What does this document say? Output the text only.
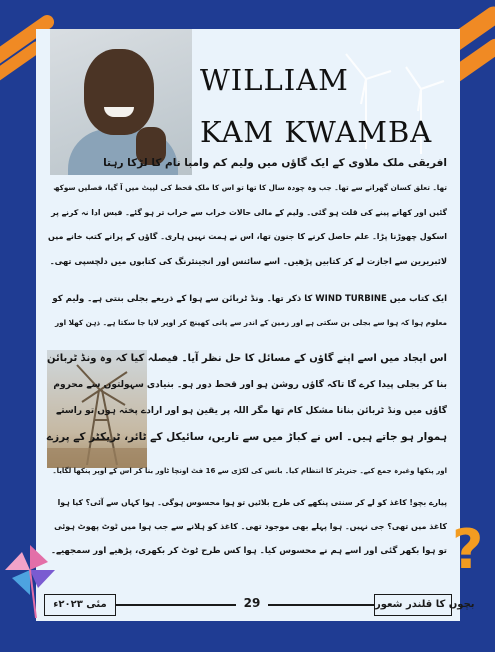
WILLIAM
KAM KWAMBA

افریقی ملک ملاوی کے ایک گاؤں میں ولیم کم وامبا نام کا لڑکا رہتا

تھا۔ تعلق کسان گھرانے سے تھا۔ جب وہ چودہ سال کا تھا تو اس کا ملک قحط کی لپیٹ میں آ گیا، فصلیں سوکھ

گئیں اور کھانے پینے کی قلت ہو گئی۔ ولیم کے مالی حالات خراب سے خراب تر ہو گئے۔ فیس ادا نہ کرنے پر

اسکول چھوڑنا پڑا۔ علم حاصل کرنے کا جنون تھا، اس نے ہمت نہیں ہاری۔ گاؤں کے پرانے کتب خانے میں

لائبریرین سے اجازت لے کر کتابیں پڑھیں۔ اسے سائنس اور انجینئرنگ کی کتابوں میں دلچسپی تھی۔

ایک کتاب میں WIND TURBINE کا ذکر تھا۔ ونڈ ٹربائن سے ہوا کے ذریعے بجلی بنتی ہے۔ ولیم کو

معلوم ہوا کہ ہوا سے بجلی بن سکتی ہے اور زمین کے اندر سے پانی کھینچ کر اوپر لایا جا سکتا ہے۔ ذہن کھلا اور

اس ایجاد میں اسے اپنے گاؤں کے مسائل کا حل نظر آیا۔ فیصلہ کیا کہ وہ ونڈ ٹربائن

بنا کر بجلی پیدا کرے گا تاکہ گاؤں روشن ہو اور قحط دور ہو۔ بنیادی سہولتوں سے محروم

گاؤں میں ونڈ ٹربائن بنانا مشکل کام تھا مگر اللہ پر یقین ہو اور ارادے پختہ ہوں تو راستے

ہموار ہو جاتے ہیں۔ اس نے کباڑ میں سے تاریں، سائیکل کے ٹائر، ٹریکٹر کے پرزے

اور پنکھا وغیرہ جمع کیے۔ جنریٹر کا انتظام کیا۔ بانس کی لکڑی سے 16 فٹ اونچا ٹاور بنا کر اس کے اوپر پنکھا لگایا۔

پیارے بچو! کاغذ کو لے کر سنتی پنکھے کی طرح بلائیں تو ہوا محسوس ہوگی۔ ہوا کہاں سے آئی؟ کیا ہوا

کاغذ میں تھی؟ جی نہیں۔ ہوا پہلے بھی موجود تھی۔ کاغذ کو ہلانے سے جب ہوا میں ٹوٹ پھوٹ ہوئی

تو ہوا بکھر گئی اور اسے ہم نے محسوس کیا۔ ہوا کس طرح ٹوٹ کر بکھری، پڑھیے اور سمجھیے۔ ?
مئی ۲۰۲۳ء	29	بچوں کا قلندر شعور
